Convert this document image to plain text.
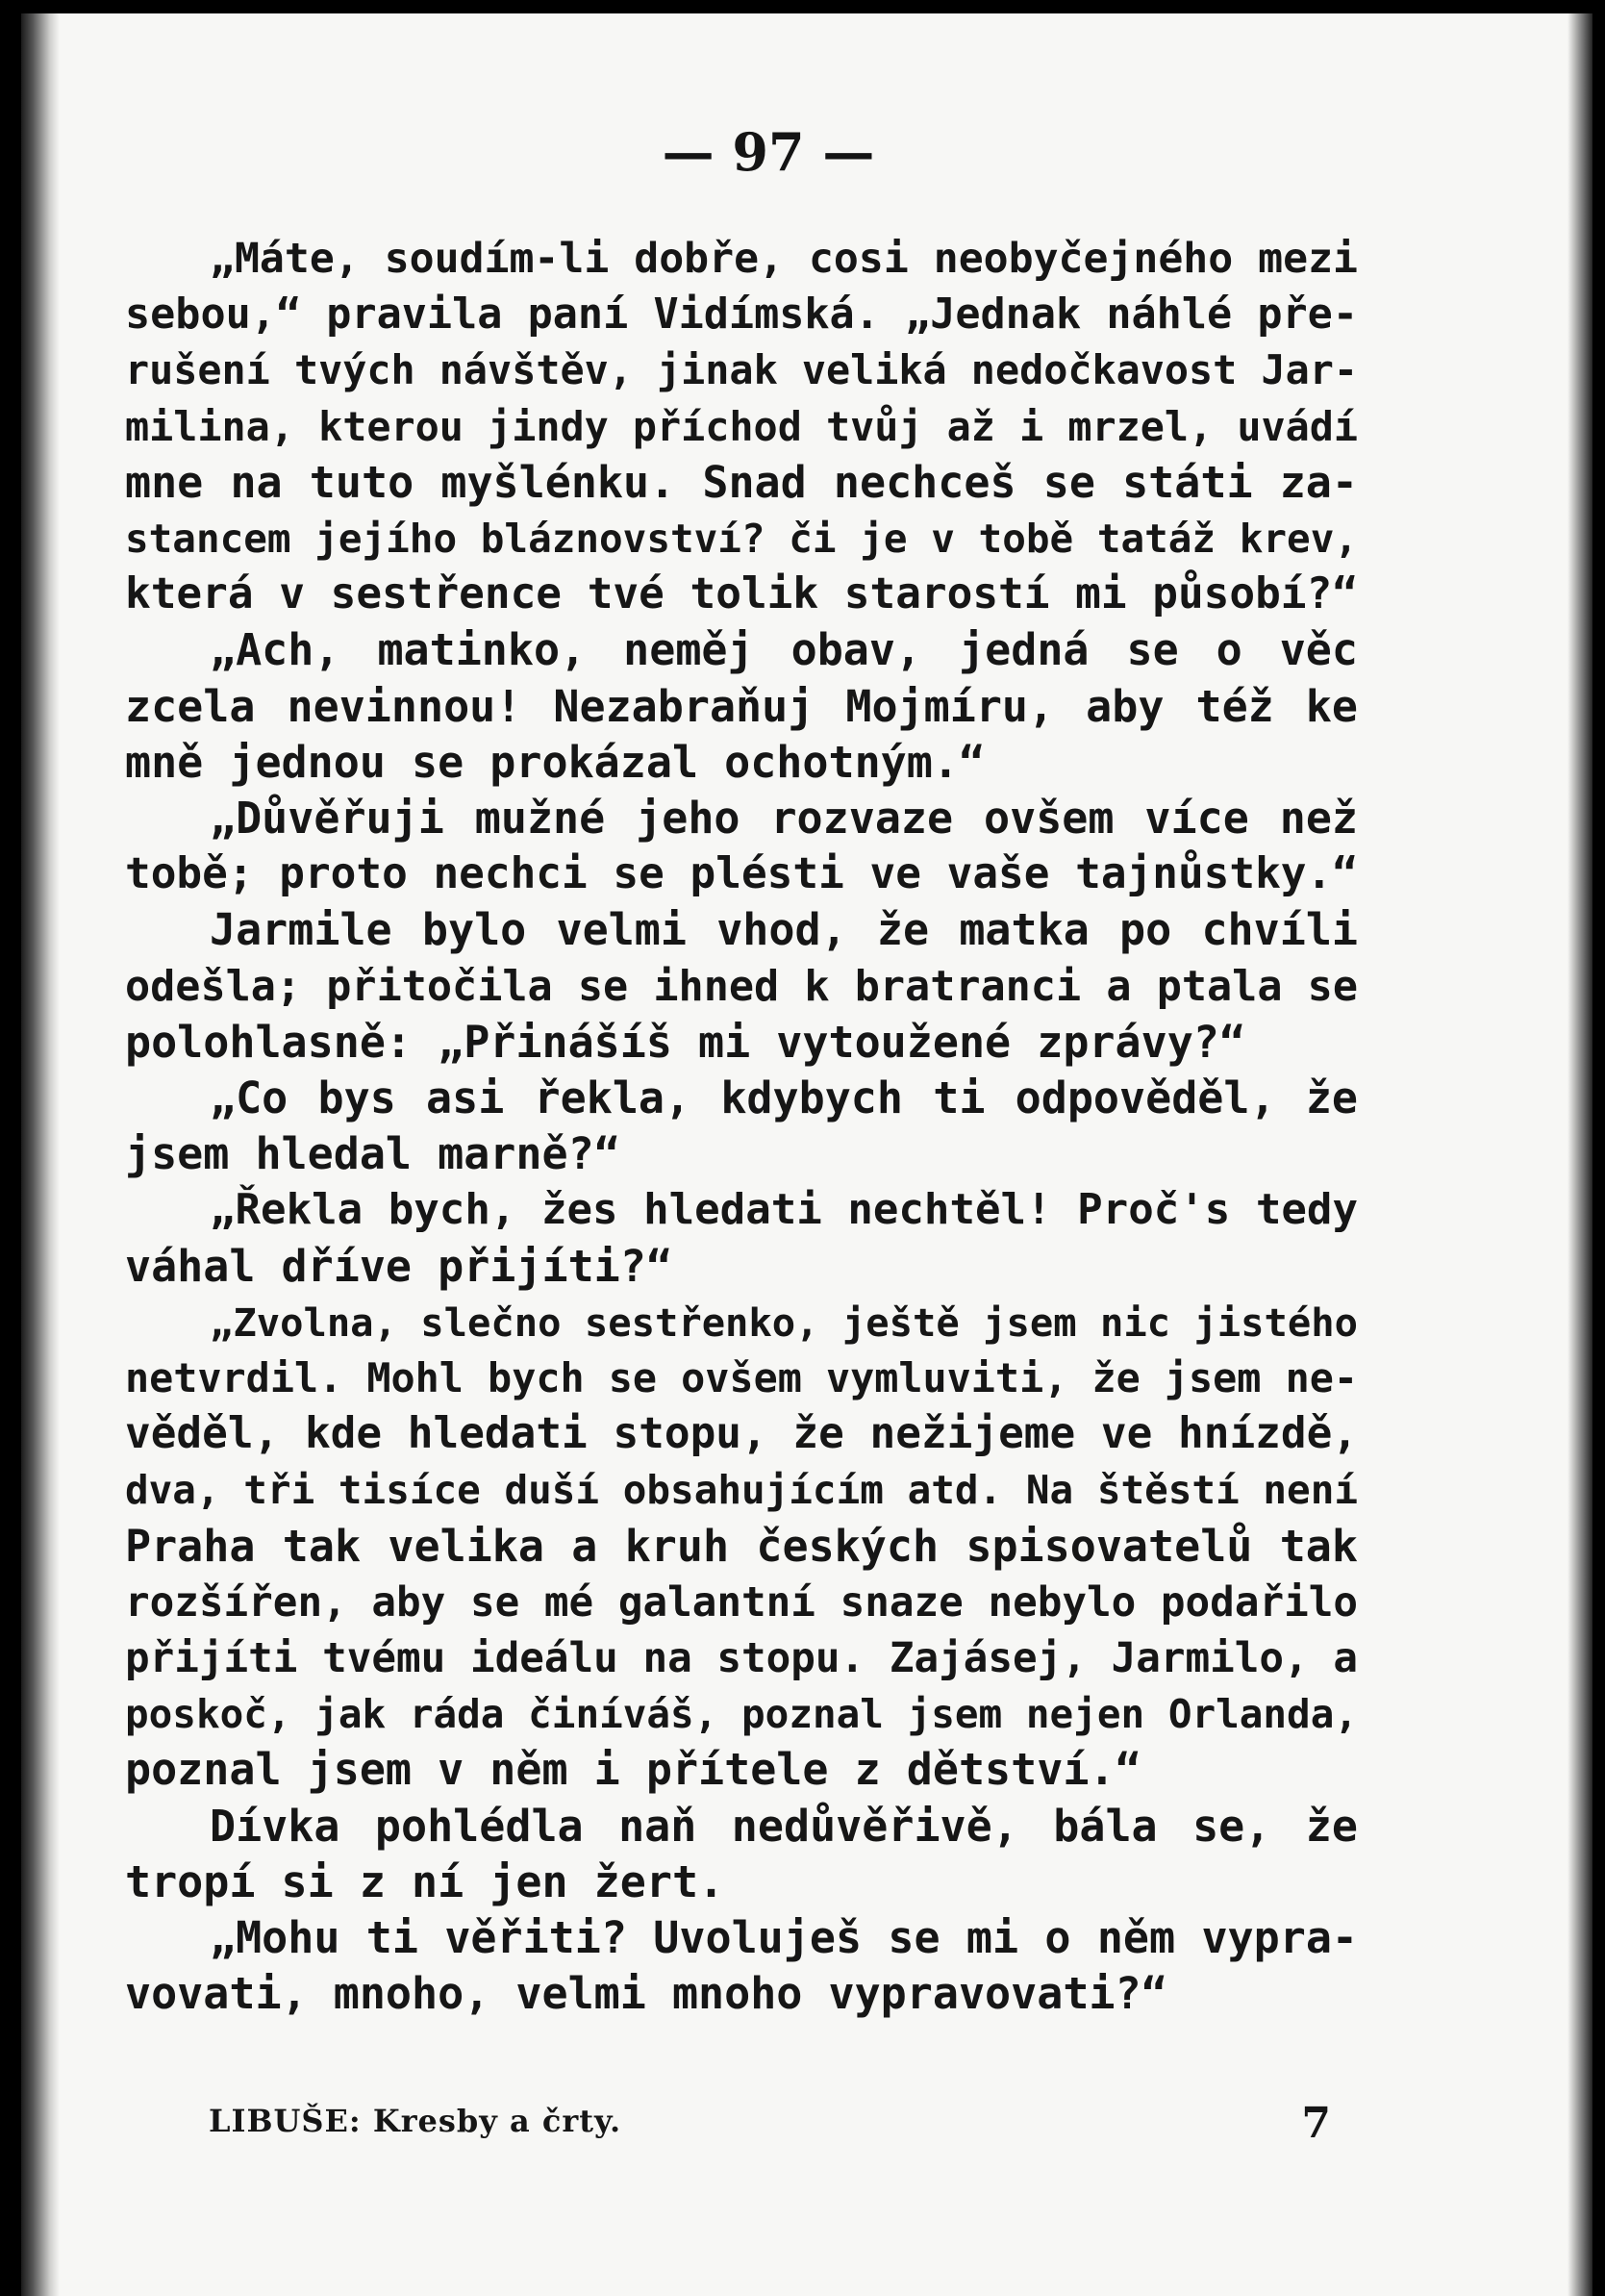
— 97 —
„Máte, soudím-li dobře, cosi neobyčejného mezi
sebou,“ pravila paní Vidímská. „Jednak náhlé pře-
rušení tvých návštěv, jinak veliká nedočkavost Jar-
milina, kterou jindy příchod tvůj až i mrzel, uvádí
mne na tuto myšlénku. Snad nechceš se státi za-
stancem jejího bláznovství? či je v tobě tatáž krev,
která v sestřence tvé tolik starostí mi působí?“
„Ach, matinko, neměj obav, jedná se o věc
zcela nevinnou! Nezabraňuj Mojmíru, aby též ke
mně jednou se prokázal ochotným.“
„Důvěřuji mužné jeho rozvaze ovšem více než
tobě; proto nechci se plésti ve vaše tajnůstky.“
Jarmile bylo velmi vhod, že matka po chvíli
odešla; přitočila se ihned k bratranci a ptala se
polohlasně: „Přinášíš mi vytoužené zprávy?“
„Co bys asi řekla, kdybych ti odpověděl, že
jsem hledal marně?“
„Řekla bych, žes hledati nechtěl! Proč's tedy
váhal dříve přijíti?“
„Zvolna, slečno sestřenko, ještě jsem nic jistého
netvrdil. Mohl bych se ovšem vymluviti, že jsem ne-
věděl, kde hledati stopu, že nežijeme ve hnízdě,
dva, tři tisíce duší obsahujícím atd. Na štěstí není
Praha tak velika a kruh českých spisovatelů tak
rozšířen, aby se mé galantní snaze nebylo podařilo
přijíti tvému ideálu na stopu. Zajásej, Jarmilo, a
poskoč, jak ráda činíváš, poznal jsem nejen Orlanda,
poznal jsem v něm i přítele z dětství.“
Dívka pohlédla naň nedůvěřivě, bála se, že
tropí si z ní jen žert.
„Mohu ti věřiti? Uvoluješ se mi o něm vypra-
vovati, mnoho, velmi mnoho vypravovati?“
LIBUŠE: Kresby a črty.	7
